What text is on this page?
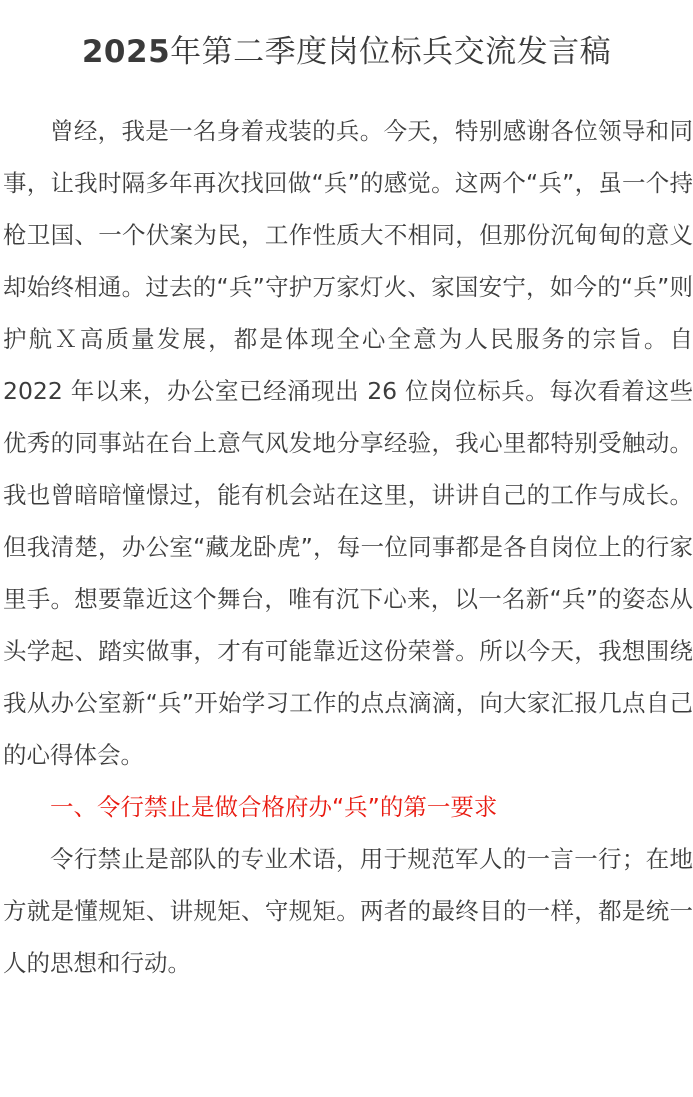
2025年第二季度岗位标兵交流发言稿

曾经，我是一名身着戎装的兵。今天，特别感谢各位领导和同事，让我时隔多年再次找回做“兵”的感觉。这两个“兵”，虽一个持枪卫国、一个伏案为民，工作性质大不相同，但那份沉甸甸的意义却始终相通。过去的“兵”守护万家灯火、家国安宁，如今的“兵”则护航Ｘ高质量发展，都是体现全心全意为人民服务的宗旨。自 2022 年以来，办公室已经涌现出 26 位岗位标兵。每次看着这些优秀的同事站在台上意气风发地分享经验，我心里都特别受触动。我也曾暗暗憧憬过，能有机会站在这里，讲讲自己的工作与成长。但我清楚，办公室“藏龙卧虎”，每一位同事都是各自岗位上的行家里手。想要靠近这个舞台，唯有沉下心来，以一名新“兵”的姿态从头学起、踏实做事，才有可能靠近这份荣誉。所以今天，我想围绕我从办公室新“兵”开始学习工作的点点滴滴，向大家汇报几点自己的心得体会。

一、令行禁止是做合格府办“兵”的第一要求

令行禁止是部队的专业术语，用于规范军人的一言一行；在地方就是懂规矩、讲规矩、守规矩。两者的最终目的一样，都是统一人的思想和行动。
